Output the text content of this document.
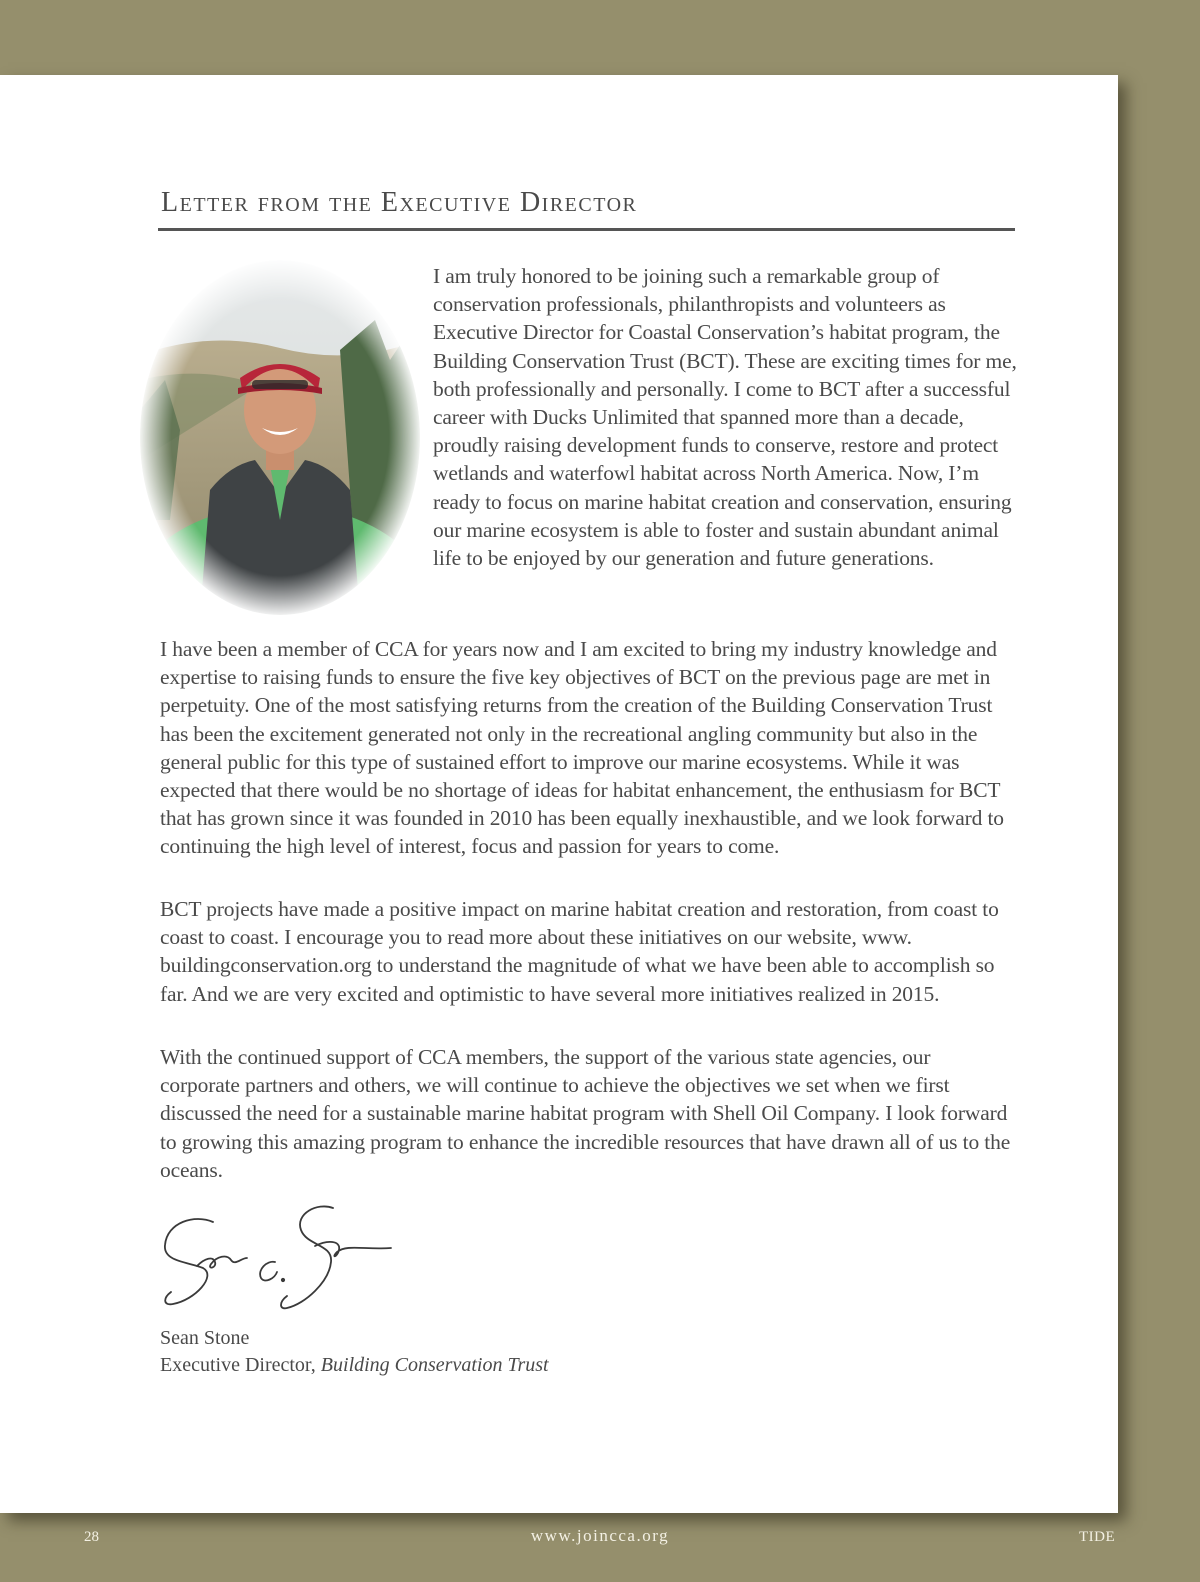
Letter from the Executive Director

I am truly honored to be joining such a remarkable group of conservation professionals, philanthropists and volunteers as Executive Director for Coastal Conservation’s habitat program, the Building Conservation Trust (BCT). These are exciting times for me, both professionally and personally. I come to BCT after a successful career with Ducks Unlimited that spanned more than a decade, proudly raising development funds to conserve, restore and protect wetlands and waterfowl habitat across North America. Now, I’m ready to focus on marine habitat creation and conservation, ensuring our marine ecosystem is able to foster and sustain abundant animal life to be enjoyed by our generation and future generations.

I have been a member of CCA for years now and I am excited to bring my industry knowledge and expertise to raising funds to ensure the five key objectives of BCT on the previous page are met in perpetuity. One of the most satisfying returns from the creation of the Building Conservation Trust has been the excitement generated not only in the recreational angling community but also in the general public for this type of sustained effort to improve our marine ecosystems. While it was expected that there would be no shortage of ideas for habitat enhancement, the enthusiasm for BCT that has grown since it was founded in 2010 has been equally inexhaustible, and we look forward to continuing the high level of interest, focus and passion for years to come.

BCT projects have made a positive impact on marine habitat creation and restoration, from coast to coast to coast. I encourage you to read more about these initiatives on our website, www.​buildingconservation.org to understand the magnitude of what we have been able to accomplish so far. And we are very excited and optimistic to have several more initiatives realized in 2015.

With the continued support of CCA members, the support of the various state agencies, our corporate partners and others, we will continue to achieve the objectives we set when we first discussed the need for a sustainable marine habitat program with Shell Oil Company. I look forward to growing this amazing program to enhance the incredible resources that have drawn all of us to the oceans.

Sean Stone

Executive Director, Building Conservation Trust

28	www.joincca.org	TIDE
